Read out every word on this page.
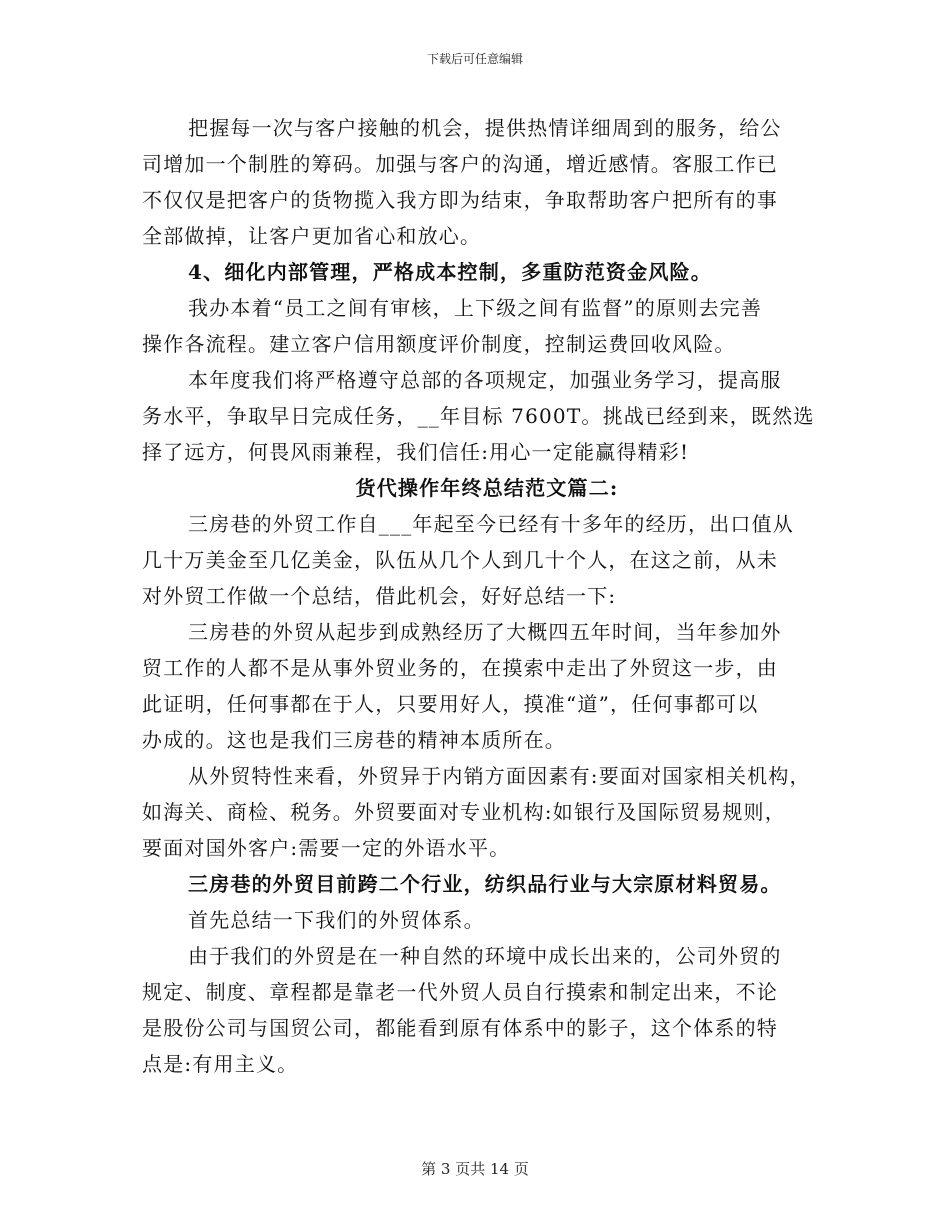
下载后可任意编辑
把握每一次与客户接触的机会，提供热情详细周到的服务，给公
司增加一个制胜的筹码。加强与客户的沟通，增近感情。客服工作已
不仅仅是把客户的货物揽入我方即为结束，争取帮助客户把所有的事
全部做掉，让客户更加省心和放心。
4、细化内部管理，严格成本控制，多重防范资金风险。
我办本着“员工之间有审核，上下级之间有监督”的原则去完善
操作各流程。建立客户信用额度评价制度，控制运费回收风险。
本年度我们将严格遵守总部的各项规定，加强业务学习，提高服
务水平，争取早日完成任务，__年目标 7600T。挑战已经到来，既然选
择了远方，何畏风雨兼程，我们信任:用心一定能赢得精彩!
货代操作年终总结范文篇二:
三房巷的外贸工作自___年起至今已经有十多年的经历，出口值从
几十万美金至几亿美金，队伍从几个人到几十个人，在这之前，从未
对外贸工作做一个总结，借此机会，好好总结一下:
三房巷的外贸从起步到成熟经历了大概四五年时间，当年参加外
贸工作的人都不是从事外贸业务的，在摸索中走出了外贸这一步，由
此证明，任何事都在于人，只要用好人，摸准“道”，任何事都可以
办成的。这也是我们三房巷的精神本质所在。
从外贸特性来看，外贸异于内销方面因素有:要面对国家相关机构，
如海关、商检、税务。外贸要面对专业机构:如银行及国际贸易规则，
要面对国外客户:需要一定的外语水平。
三房巷的外贸目前跨二个行业，纺织品行业与大宗原材料贸易。
首先总结一下我们的外贸体系。
由于我们的外贸是在一种自然的环境中成长出来的，公司外贸的
规定、制度、章程都是靠老一代外贸人员自行摸索和制定出来，不论
是股份公司与国贸公司，都能看到原有体系中的影子，这个体系的特
点是:有用主义。
第 3 页共 14 页
